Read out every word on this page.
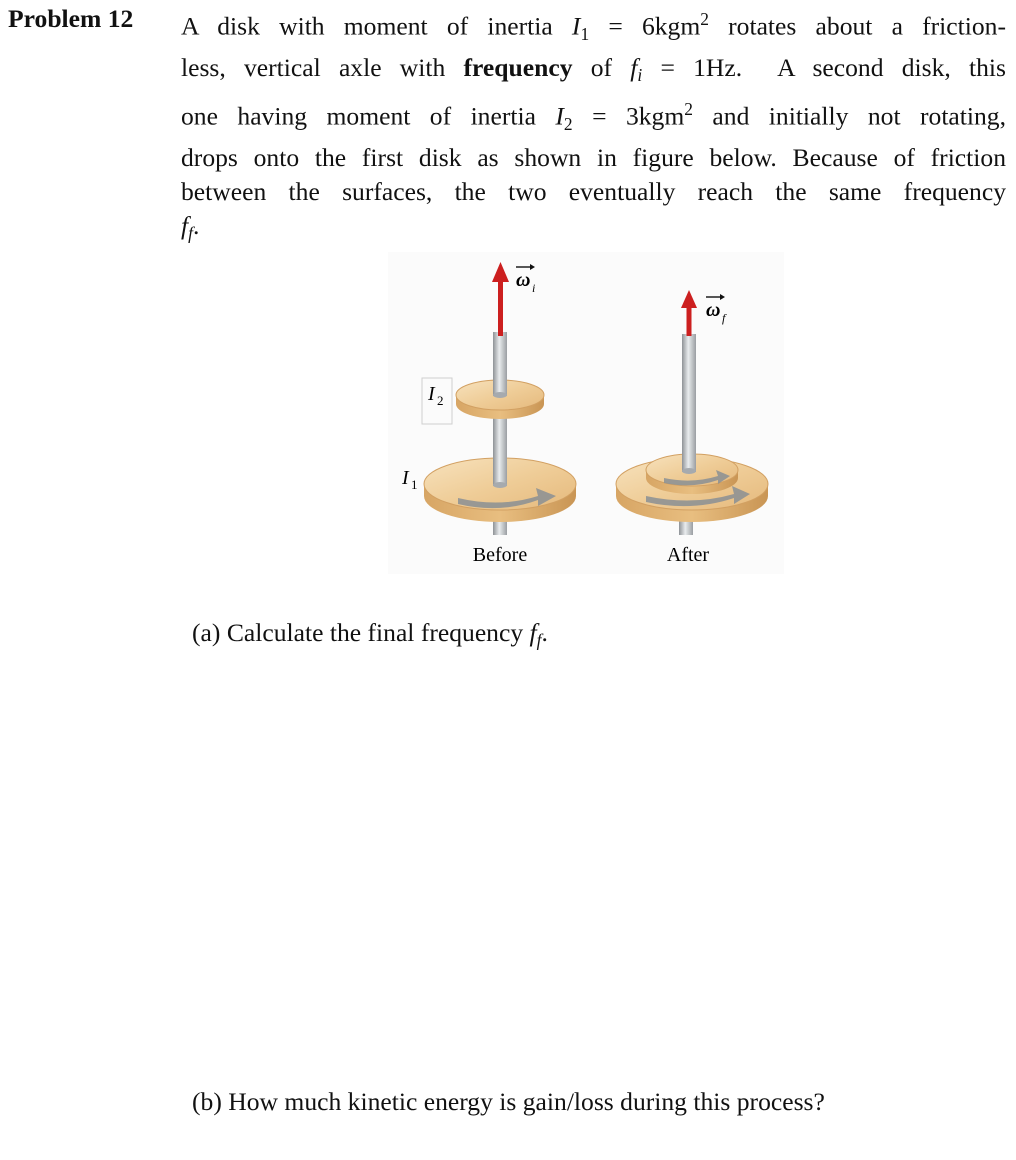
Problem 12 A disk with moment of inertia $I_1 = 6kgm^2$ rotates about a friction-
less, vertical axle with frequency of $f_i = 1Hz$. A second disk, this
one having moment of inertia $I_2 = 3kgm^2$ and initially not rotating,
drops onto the first disk as shown in figure below. Because of friction
between the surfaces, the two eventually reach the same frequency
$f_f$.
ω i
I 2
I 1
Before
ω f
After
(a) Calculate the final frequency $f_f$.
(b) How much kinetic energy is gain/loss during this process?
